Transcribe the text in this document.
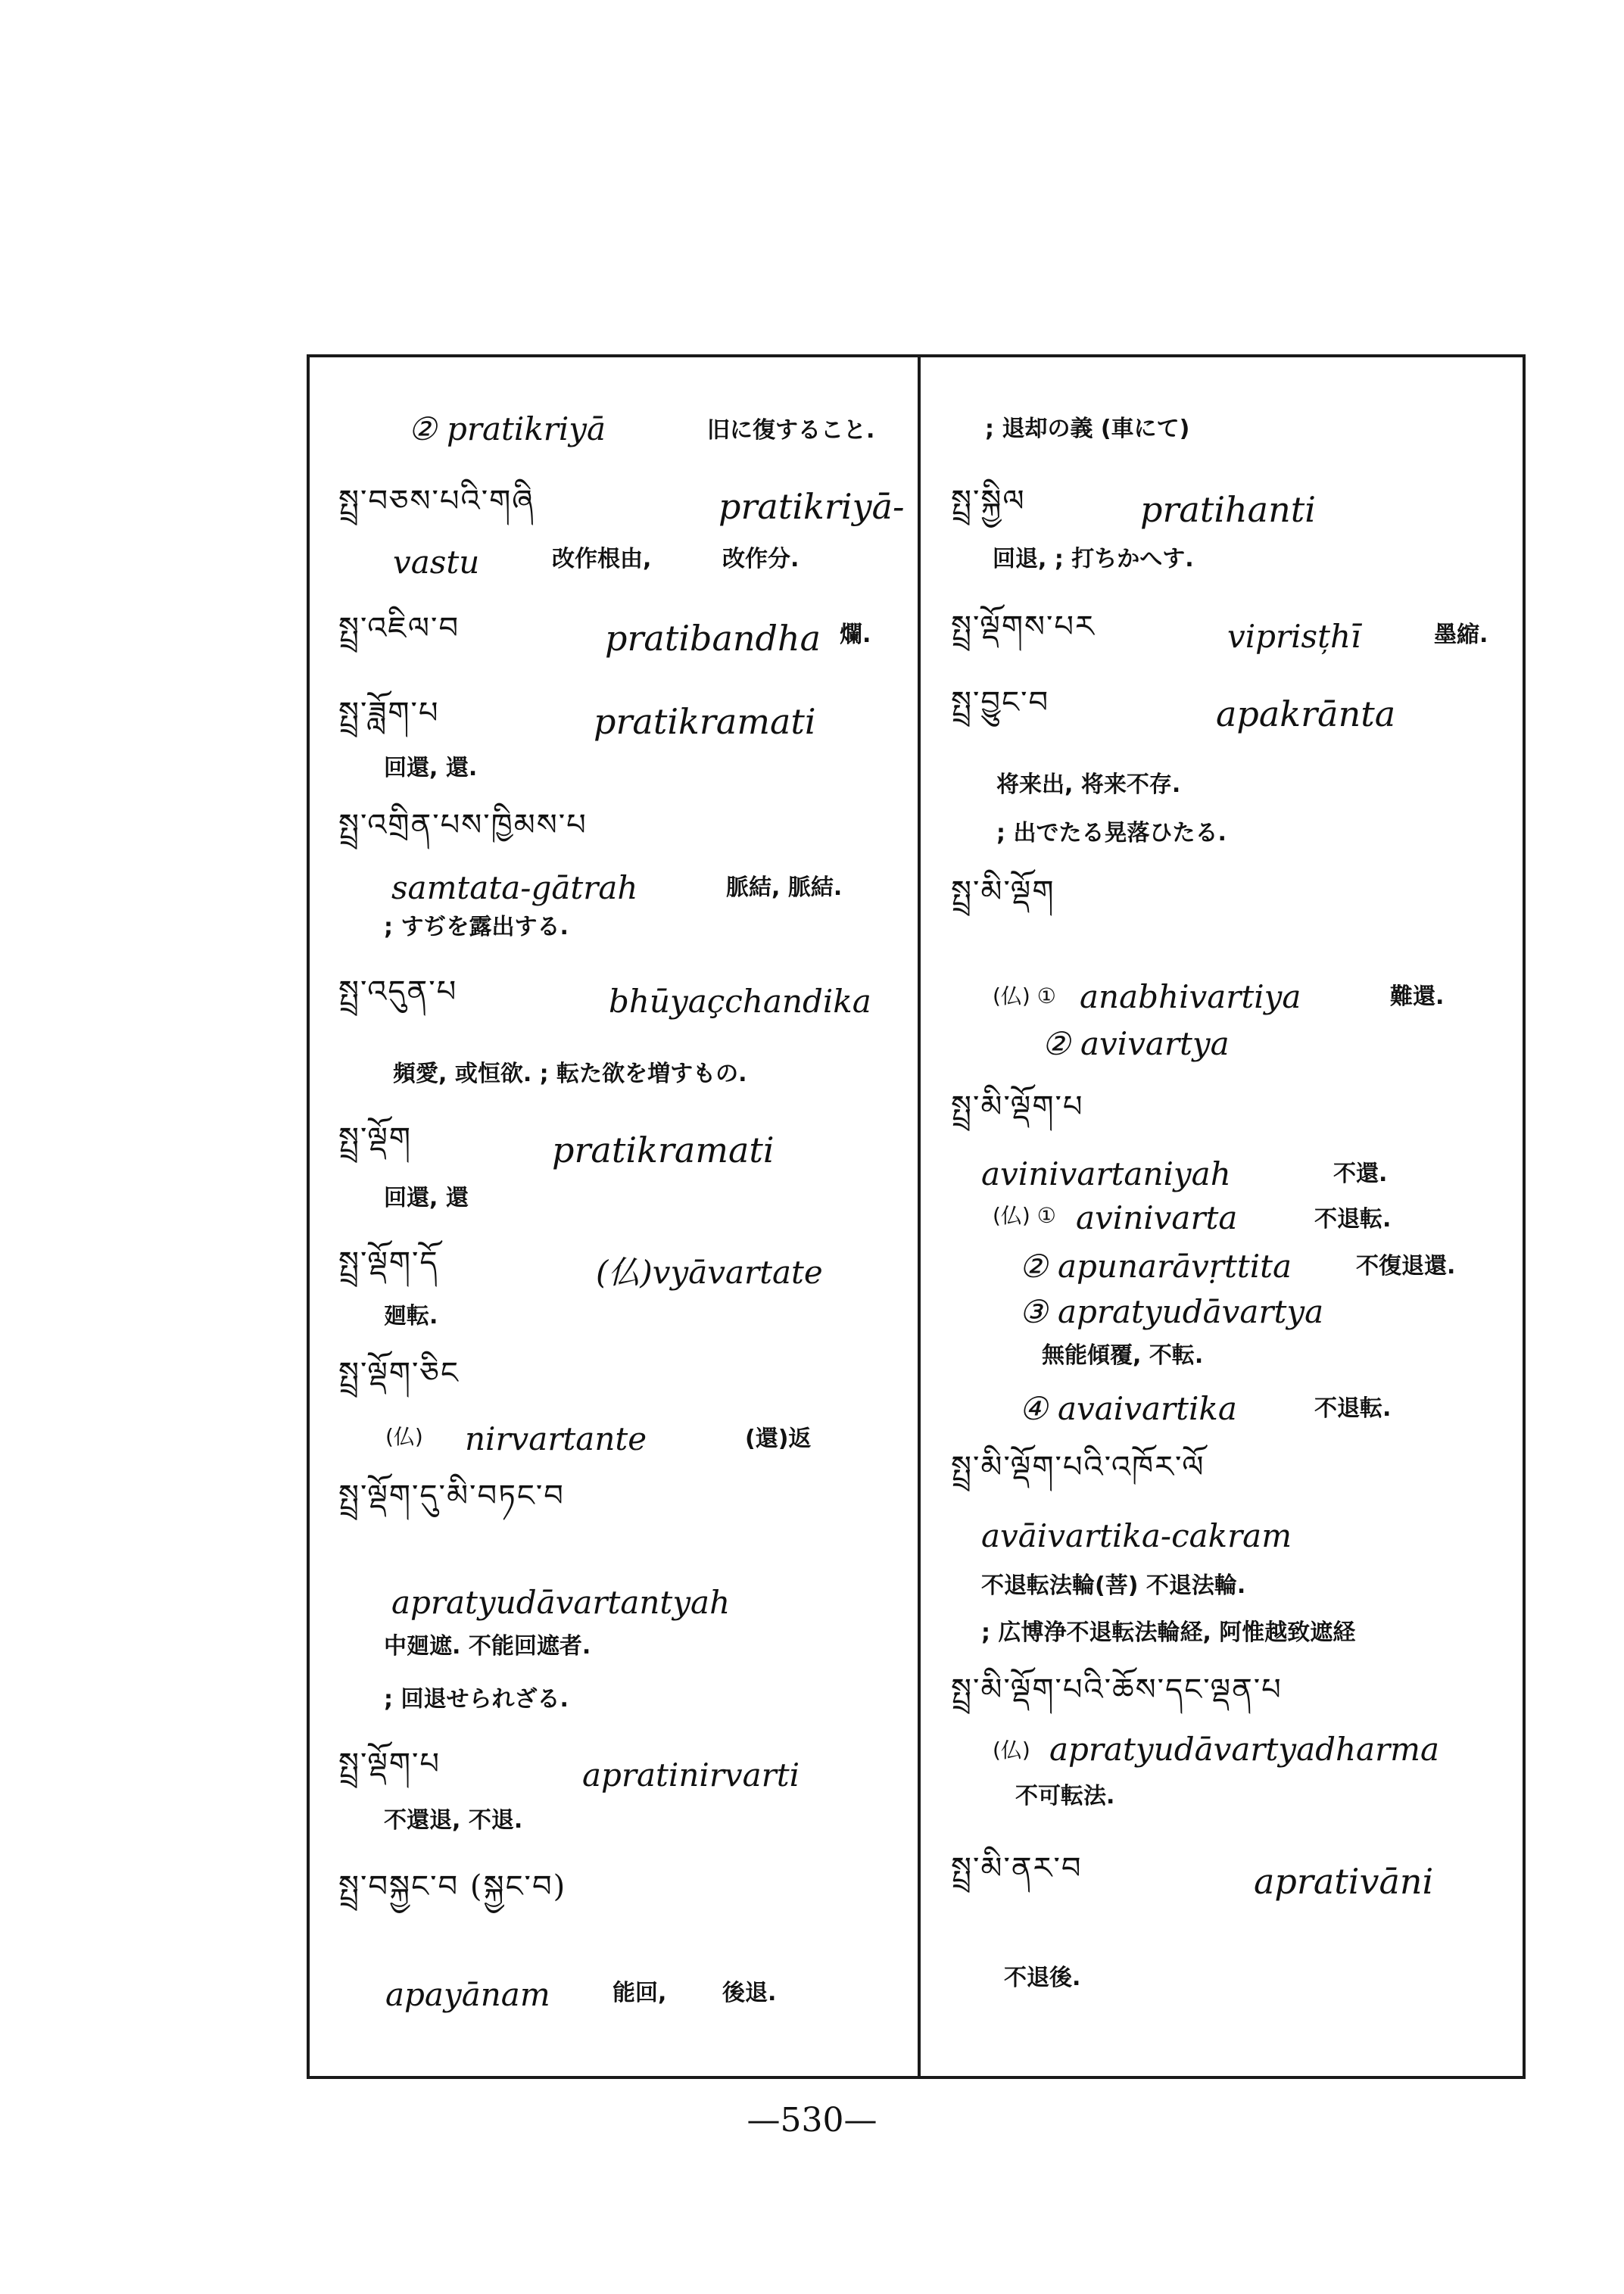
② pratikriyā	旧に復すること.
སྤྲ་བཅས་པའི་གཞི	pratikriyā-
vastu	改作根由,	改作分.
སྤྲ་འཇིལ་བ	pratibandha 爛.
སྤྲ་ཟློག་པ	pratikramati
回還, 還.
སྤྲ་འགྲིན་པས་ཁྱིམས་པ
samtata-gātrah	脈結, 脈結.
; すぢを露出する.
སྤྲ་འདུན་པ	bhūyaçchandika
頻愛, 或恒欲. ; 転た欲を増すもの.
སྤྲ་ལྡོག	pratikramati
回還, 還
སྤྲ་ལྡོག་དོ	(仏)vyāvartate
廻転.
སྤྲ་ལྡོག་ཅིང
(仏) nirvartante	(還)返
སྤྲ་ལྡོག་དུ་མི་བཏང་བ
apratyudāvartantyah
中廻遮. 不能回遮者.
; 回退せられざる.
སྤྲ་ལྡོག་པ	apratinirvarti
不還退, 不退.
སྤྲ་བསྐྱང་བ (སྐྱང་བ)
apayānam	能回, 後退.
; 退却の義 (車にて)
སྤྲ་སྐྱིལ	pratihanti
回退, ; 打ちかへす.
སྤྲ་ལྡོགས་པར	viprisțhī	墨縮.
སྤྲ་བྱུང་བ	apakrānta
将来出, 将来不存.
; 出でたる晃落ひたる.
སྤྲ་མི་ལྡོག
(仏) ① anabhivartiya	難還.
② avivartya
སྤྲ་མི་ལྡོག་པ
avinivartaniyah	不還.
(仏) ① avinivarta	不退転.
② apunarāvṛttita	不復退還.
③ apratyudāvartya
無能傾覆, 不転.
④ avaivartika	不退転.
སྤྲ་མི་ལྡོག་པའི་འཁོར་ལོ
avāivartika-cakram
不退転法輪(菩) 不退法輪.
; 広博浄不退転法輪経, 阿惟越致遮経
སྤྲ་མི་ལྡོག་པའི་ཆོས་དང་ལྡན་པ
(仏) apratyudāvartyadharma
不可転法.
སྤྲ་མི་ནར་བ	aprativāni
不退後.
—530—
